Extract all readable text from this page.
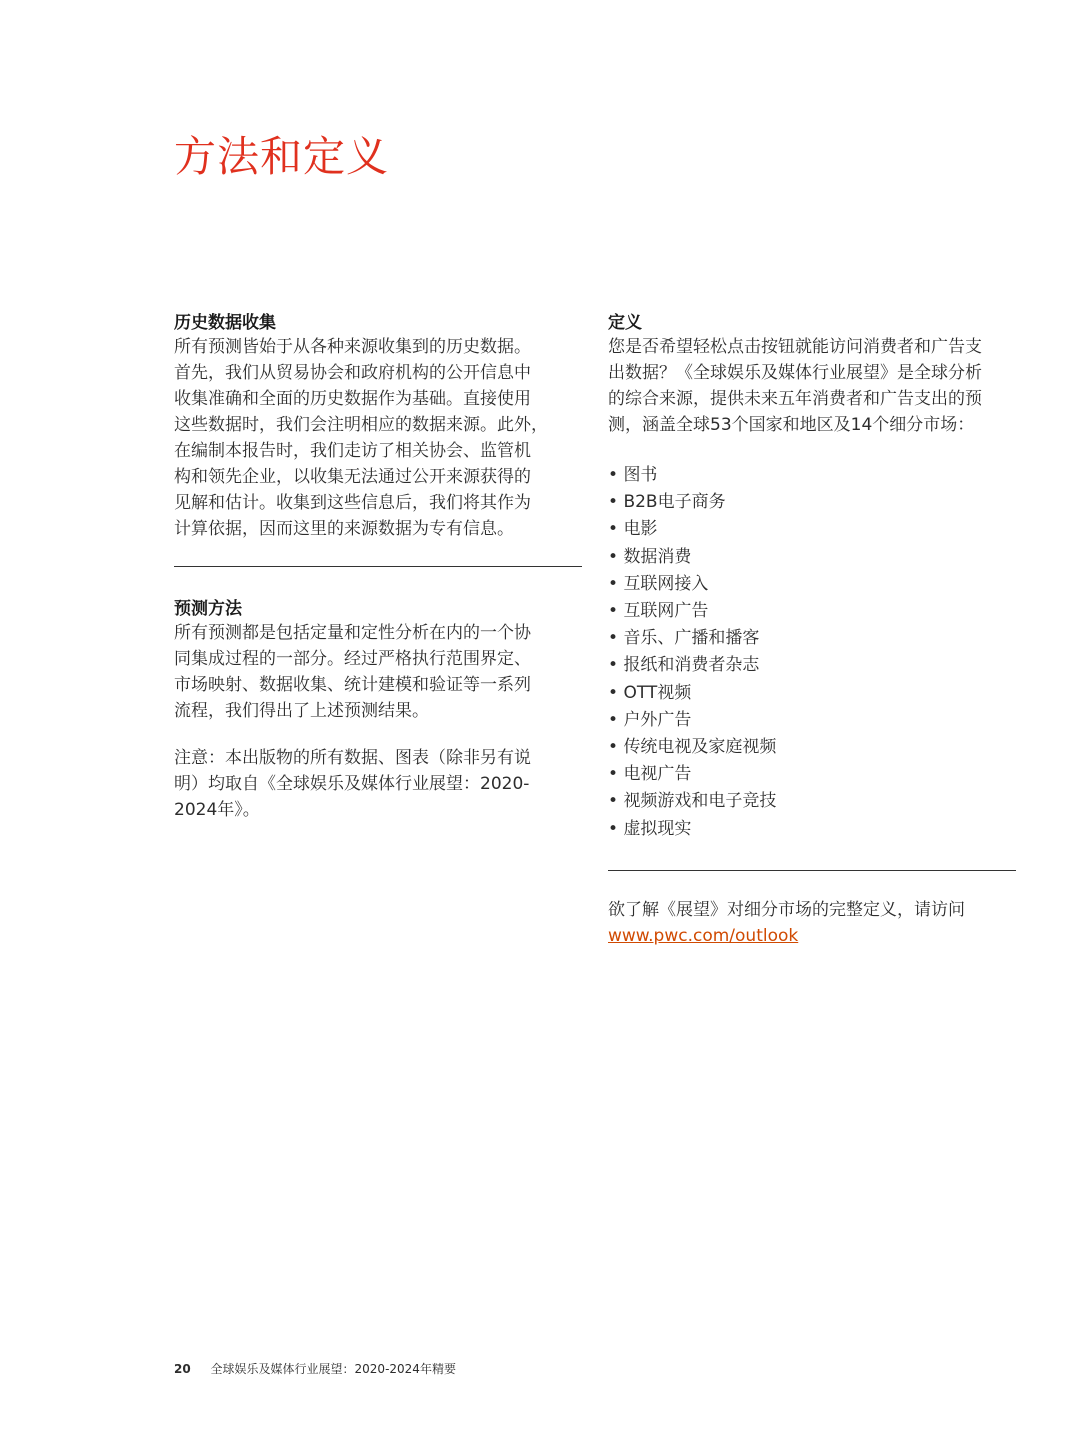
方法和定义
历史数据收集

所有预测皆始于从各种来源收集到的历史数据。
首先，我们从贸易协会和政府机构的公开信息中
收集准确和全面的历史数据作为基础。直接使用
这些数据时，我们会注明相应的数据来源。此外，
在编制本报告时，我们走访了相关协会、监管机
构和领先企业，以收集无法通过公开来源获得的
见解和估计。收集到这些信息后，我们将其作为
计算依据，因而这里的来源数据为专有信息。

预测方法

所有预测都是包括定量和定性分析在内的一个协
同集成过程的一部分。经过严格执行范围界定、
市场映射、数据收集、统计建模和验证等一系列
流程，我们得出了上述预测结果。

注意：本出版物的所有数据、图表（除非另有说
明）均取自《全球娱乐及媒体行业展望：2020-
2024年》。

定义

您是否希望轻松点击按钮就能访问消费者和广告支
出数据？《全球娱乐及媒体行业展望》是全球分析
的综合来源，提供未来五年消费者和广告支出的预
测，涵盖全球53个国家和地区及14个细分市场：

• 图书
• B2B电子商务
• 电影
• 数据消费
• 互联网接入
• 互联网广告
• 音乐、广播和播客
• 报纸和消费者杂志
• OTT视频
• 户外广告
• 传统电视及家庭视频
• 电视广告
• 视频游戏和电子竞技
• 虚拟现实

欲了解《展望》对细分市场的完整定义，请访问

www.pwc.com/outlook
20 全球娱乐及媒体行业展望：2020-2024年精要
